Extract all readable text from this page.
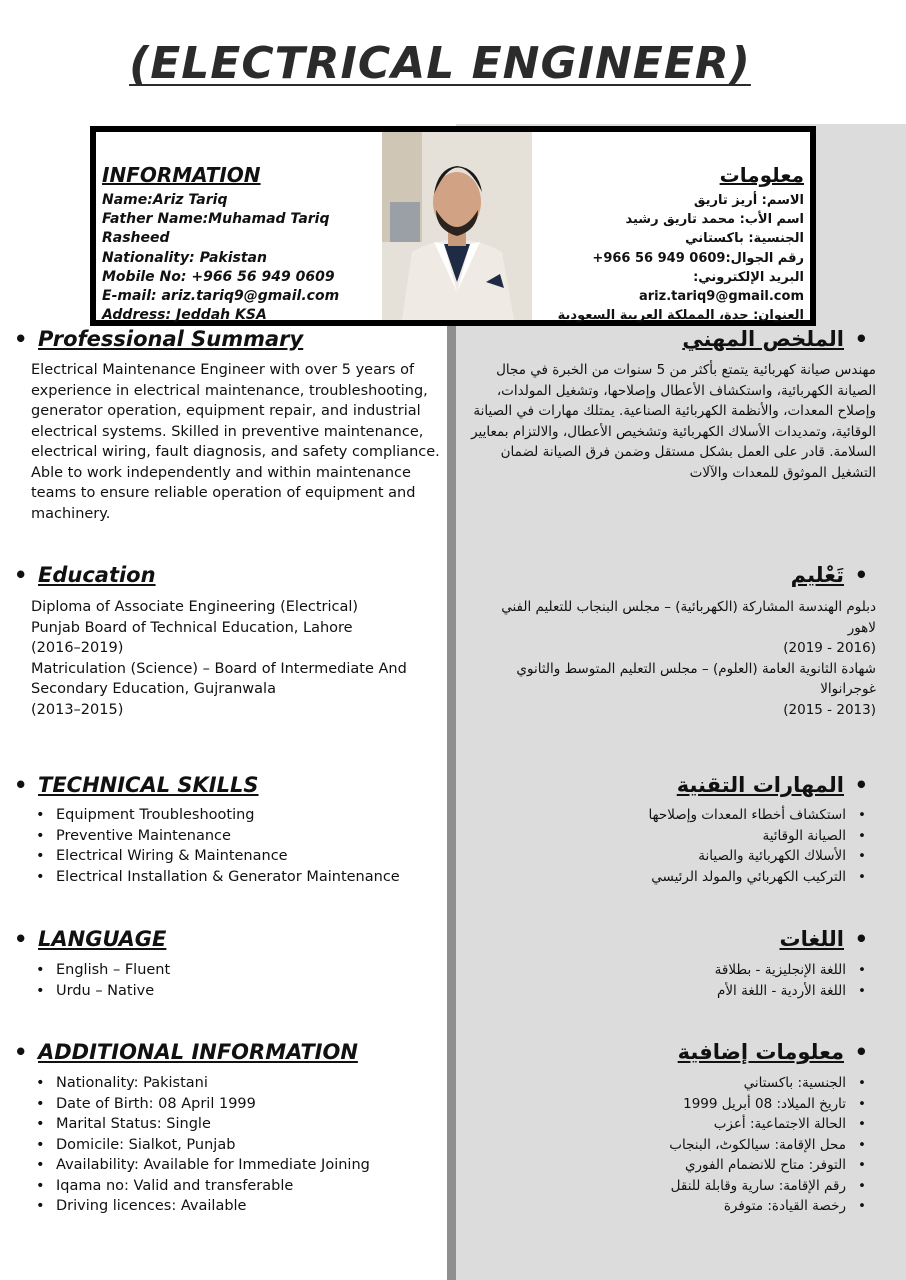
(ELECTRICAL ENGINEER)
INFORMATION
Name:Ariz Tariq
Father Name:Muhamad Tariq Rasheed
Nationality: Pakistan
Mobile No: +966 56 949 0609
E-mail: ariz.tariq9@gmail.com
Address: Jeddah KSA
معلومات
الاسم: أريز تاريق
اسم الأب: محمد تاريق رشيد
الجنسية: باكستاني
رقم الجوال:0609 949 56 966+
البريد الإلكتروني: ariz.tariq9@gmail.com
العنوان: جدة، المملكة العربية السعودية
• Professional Summary
Electrical Maintenance Engineer with over 5 years of experience in electrical maintenance, troubleshooting, generator operation, equipment repair, and industrial electrical systems. Skilled in preventive maintenance, electrical wiring, fault diagnosis, and safety compliance. Able to work independently and within maintenance teams to ensure reliable operation of equipment and machinery.
• الملخص المهني
مهندس صيانة كهربائية يتمتع بأكثر من 5 سنوات من الخبرة في مجال الصيانة الكهربائية، واستكشاف الأعطال وإصلاحها، وتشغيل المولدات، وإصلاح المعدات، والأنظمة الكهربائية الصناعية. يمتلك مهارات في الصيانة الوقائية، وتمديدات الأسلاك الكهربائية وتشخيص الأعطال، والالتزام بمعايير السلامة. قادر على العمل بشكل مستقل وضمن فرق الصيانة لضمان التشغيل الموثوق للمعدات والآلات
• Education
Diploma of Associate Engineering (Electrical)
Punjab Board of Technical Education, Lahore
(2016–2019)
Matriculation (Science) – Board of Intermediate And Secondary Education, Gujranwala
(2013–2015)
• تَعْليم
دبلوم الهندسة المشاركة (الكهربائية) – مجلس البنجاب للتعليم الفني لاهور
(2016 - 2019)
شهادة الثانوية العامة (العلوم) – مجلس التعليم المتوسط والثانوي غوجرانوالا
(2013 - 2015)
• TECHNICAL SKILLS
• Equipment Troubleshooting
• Preventive Maintenance
• Electrical Wiring & Maintenance
• Electrical Installation & Generator Maintenance
• المهارات التقنية
• استكشاف أخطاء المعدات وإصلاحها
• الصيانة الوقائية
• الأسلاك الكهربائية والصيانة
• التركيب الكهربائي والمولد الرئيسي
• LANGUAGE
• English – Fluent
• Urdu – Native
• اللغات
• اللغة الإنجليزية - بطلاقة
• اللغة الأردية - اللغة الأم
• ADDITIONAL INFORMATION
• Nationality: Pakistani
• Date of Birth: 08 April 1999
• Marital Status: Single
• Domicile: Sialkot, Punjab
• Availability: Available for Immediate Joining
• Iqama no: Valid and transferable
• Driving licences: Available
• معلومات إضافية
• الجنسية: باكستاني
• تاريخ الميلاد: 08 أبريل 1999
• الحالة الاجتماعية: أعزب
• محل الإقامة: سيالكوٹ، البنجاب
• التوفر: متاح للانضمام الفوري
• رقم الإقامة: سارية وقابلة للنقل
• رخصة القيادة: متوفرة
